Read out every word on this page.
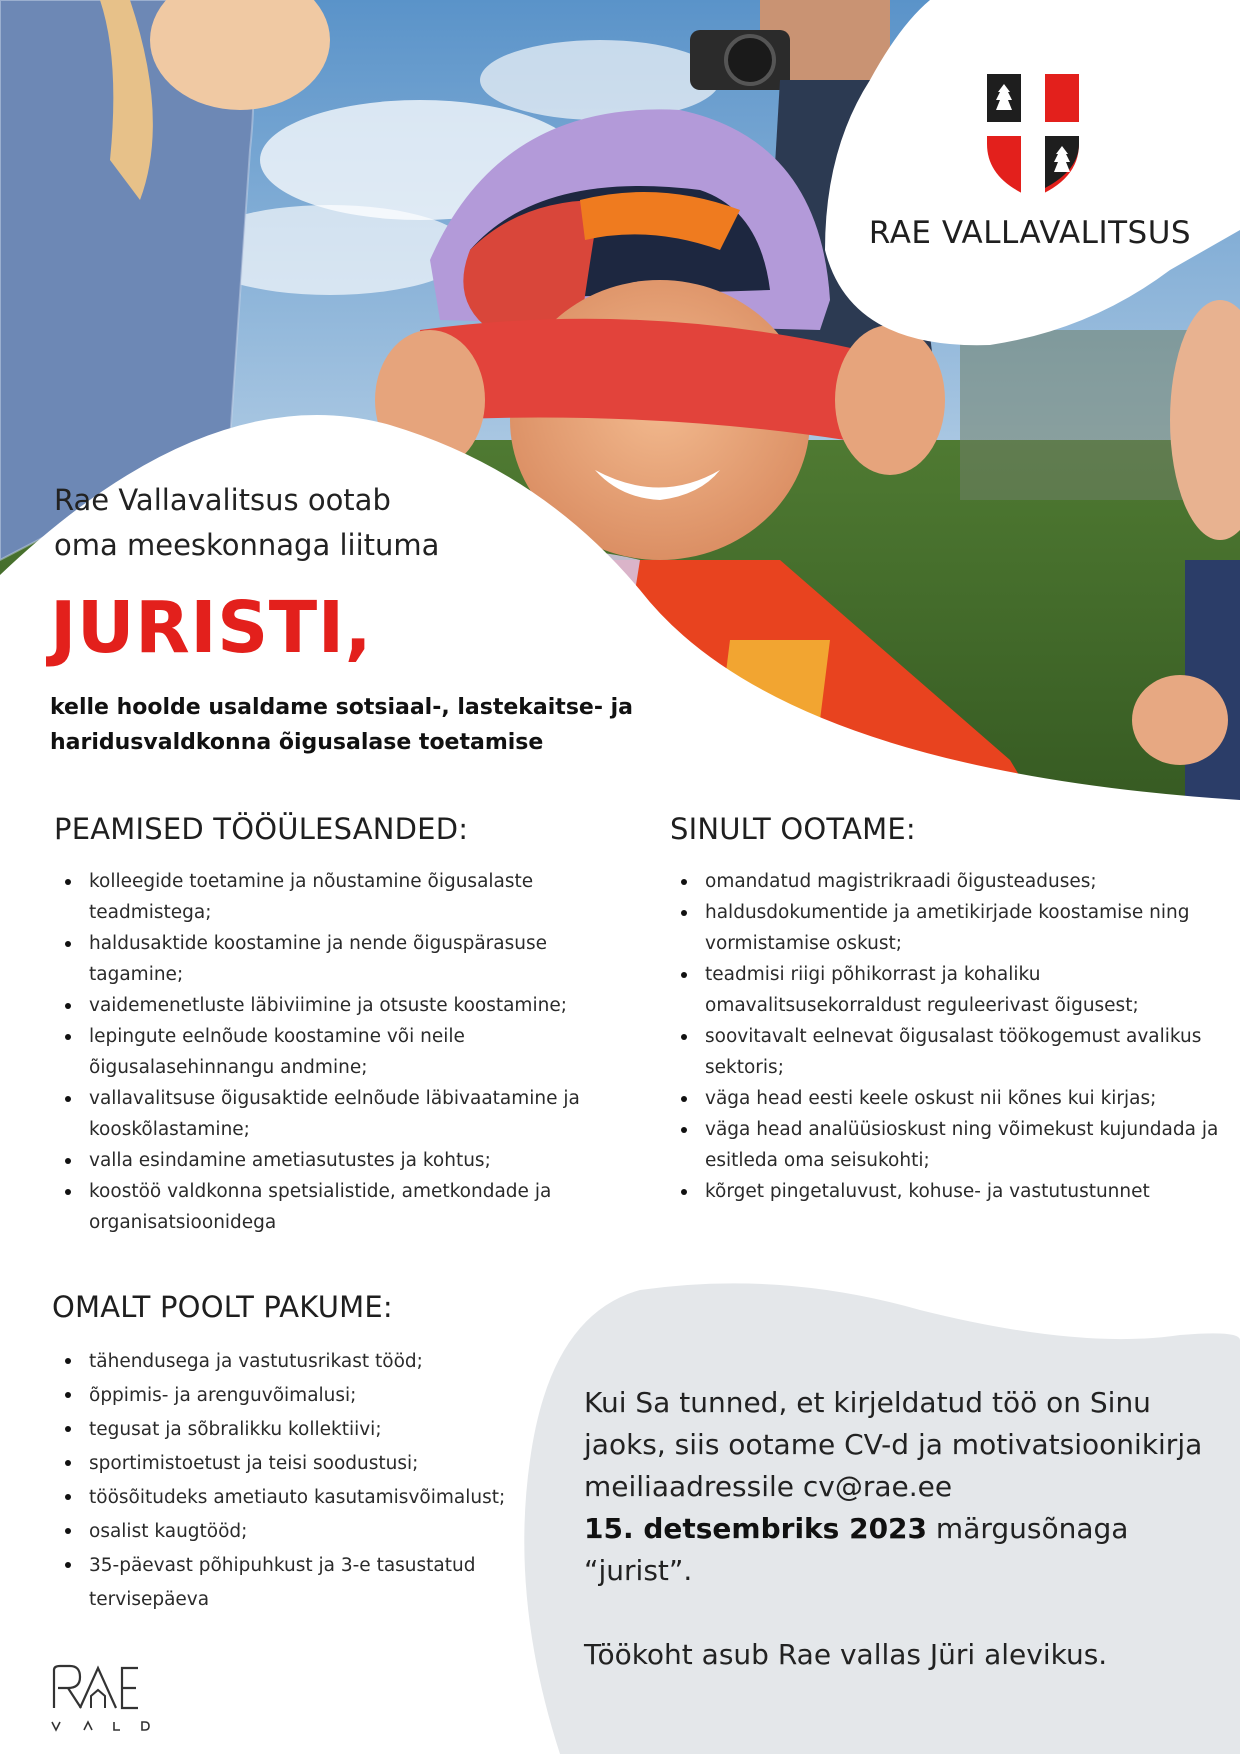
RAE VALLAVALITSUS
Rae Vallavalitsus ootab
oma meeskonnaga liituma
JURISTI,
kelle hoolde usaldame sotsiaal-, lastekaitse- ja
haridusvaldkonna õigusalase toetamise
PEAMISED TÖÖÜLESANDED:
kolleegide toetamine ja nõustamine õigusalaste teadmistega;
haldusaktide koostamine ja nende õiguspärasuse tagamine;
vaidemenetluste läbiviimine ja otsuste koostamine;
lepingute eelnõude koostamine või neile õigusalasehinnangu andmine;
vallavalitsuse õigusaktide eelnõude läbivaatamine ja kooskõlastamine;
valla esindamine ametiasutustes ja kohtus;
koostöö valdkonna spetsialistide, ametkondade ja organisatsioonidega
SINULT OOTAME:
omandatud magistrikraadi õigusteaduses;
haldusdokumentide ja ametikirjade koostamise ning vormistamise oskust;
teadmisi riigi põhikorrast ja kohaliku omavalitsusekorraldust reguleerivast õigusest;
soovitavalt eelnevat õigusalast töökogemust avalikus sektoris;
väga head eesti keele oskust nii kõnes kui kirjas;
väga head analüüsioskust ning võimekust kujundada ja esitleda oma seisukohti;
kõrget pingetaluvust, kohuse- ja vastutustunnet
OMALT POOLT PAKUME:
tähendusega ja vastutusrikast tööd;
õppimis- ja arenguvõimalusi;
tegusat ja sõbralikku kollektiivi;
sportimistoetust ja teisi soodustusi;
töösõitudeks ametiauto kasutamisvõimalust;
osalist kaugtööd;
35-päevast põhipuhkust ja 3-e tasustatud tervisepäeva

Kui Sa tunned, et kirjeldatud töö on Sinu

jaoks, siis ootame CV-d ja motivatsioonikirja

meiliaadressile cv@rae.ee

15. detsembriks 2023 märgusõnaga “jurist”.

Töökoht asub Rae vallas Jüri alevikus.
